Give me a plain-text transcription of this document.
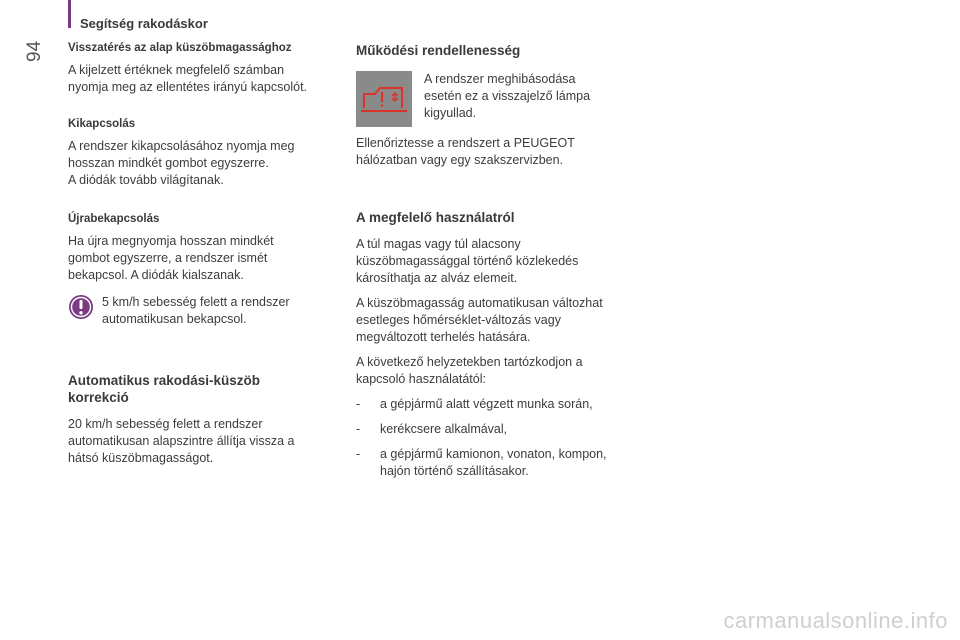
94
Segítség rakodáskor
Visszatérés az alap küszöbmagassághoz
A kijelzett értéknek megfelelő számban
nyomja meg az ellentétes irányú kapcsolót.
Kikapcsolás
A rendszer kikapcsolásához nyomja meg
hosszan mindkét gombot egyszerre.
A diódák tovább világítanak.
Újrabekapcsolás
Ha újra megnyomja hosszan mindkét
gombot egyszerre, a rendszer ismét
bekapcsol. A diódák kialszanak.
5 km/h sebesség felett a rendszer
automatikusan bekapcsol.
Automatikus rakodási-küszöb
korrekció
20 km/h sebesség felett a rendszer
automatikusan alapszintre állítja vissza a
hátsó küszöbmagasságot.
Működési rendellenesség
A rendszer meghibásodása
esetén ez a visszajelző lámpa
kigyullad.
Ellenőriztesse a rendszert a PEUGEOT
hálózatban vagy egy szakszervizben.
A megfelelő használatról
A túl magas vagy túl alacsony
küszöbmagassággal történő közlekedés
károsíthatja az alváz elemeit.
A küszöbmagasság automatikusan változhat
esetleges hőmérséklet-változás vagy
megváltozott terhelés hatására.
A következő helyzetekben tartózkodjon a
kapcsoló használatától:
-	a gépjármű alatt végzett munka során,
-	kerékcsere alkalmával,
-	a gépjármű kamionon, vonaton, kompon,
hajón történő szállításakor.
carmanualsonline.info
